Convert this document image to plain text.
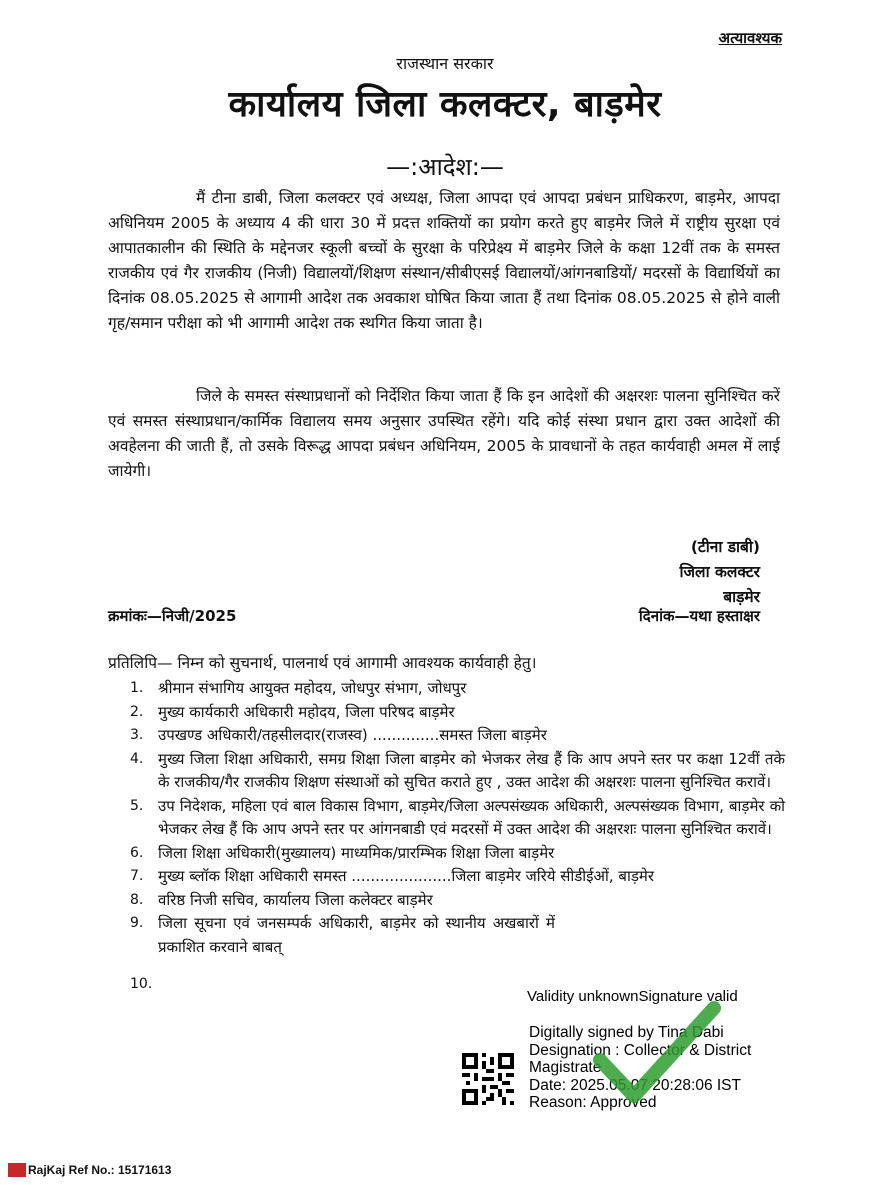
अत्यावश्यक
राजस्थान सरकार
कार्यालय जिला कलक्टर, बाड़मेर
—:आदेश:—
मैं टीना डाबी, जिला कलक्टर एवं अध्यक्ष, जिला आपदा एवं आपदा प्रबंधन प्राधिकरण, बाड़मेर, आपदा अधिनियम 2005 के अध्याय 4 की धारा 30 में प्रदत्त शक्तियों का प्रयोग करते हुए बाड़मेर जिले में राष्ट्रीय सुरक्षा एवं आपातकालीन की स्थिति के मद्देनजर स्कूली बच्चों के सुरक्षा के परिप्रेक्ष्य में बाड़मेर जिले के कक्षा 12वीं तक के समस्त राजकीय एवं गैर राजकीय (निजी) विद्यालयों/शिक्षण संस्थान/सीबीएसई विद्यालयों/आंगनबाडियों/ मदरसों के विद्यार्थियों का दिनांक 08.05.2025 से आगामी आदेश तक अवकाश घोषित किया जाता हैं तथा दिनांक 08.05.2025 से होने वाली गृह/समान परीक्षा को भी आगामी आदेश तक स्थगित किया जाता है।
जिले के समस्त संस्थाप्रधानों को निर्देशित किया जाता हैं कि इन आदेशों की अक्षरशः पालना सुनिश्चित करें एवं समस्त संस्थाप्रधान/कार्मिक विद्यालय समय अनुसार उपस्थित रहेंगे। यदि कोई संस्था प्रधान द्वारा उक्त आदेशों की अवहेलना की जाती हैं, तो उसके विरूद्ध आपदा प्रबंधन अधिनियम, 2005 के प्रावधानों के तहत कार्यवाही अमल में लाई जायेगी।
(टीना डाबी)
जिला कलक्टर
बाड़मेर
क्रमांकः—निजी/2025	दिनांक—यथा हस्ताक्षर
प्रतिलिपि— निम्न को सुचनार्थ, पालनार्थ एवं आगामी आवश्यक कार्यवाही हेतु।
1. श्रीमान संभागिय आयुक्त महोदय, जोधपुर संभाग, जोधपुर
2. मुख्य कार्यकारी अधिकारी महोदय, जिला परिषद बाड़मेर
3. उपखण्ड अधिकारी/तहसीलदार(राजस्व) ..............समस्त जिला बाड़मेर
4. मुख्य जिला शिक्षा अधिकारी, समग्र शिक्षा जिला बाड़मेर को भेजकर लेख हैं कि आप अपने स्तर पर कक्षा 12वीं तके के राजकीय/गैर राजकीय शिक्षण संस्थाओं को सुचित कराते हुए , उक्त आदेश की अक्षरशः पालना सुनिश्चित करावें।
5. उप निदेशक, महिला एवं बाल विकास विभाग, बाड़मेर/जिला अल्पसंख्यक अधिकारी, अल्पसंख्यक विभाग, बाड़मेर को भेजकर लेख हैं कि आप अपने स्तर पर आंगनबाडी एवं मदरसों में उक्त आदेश की अक्षरशः पालना सुनिश्चित करावें।
6. जिला शिक्षा अधिकारी(मुख्यालय) माध्यमिक/प्रारम्भिक शिक्षा जिला बाड़मेर
7. मुख्य ब्लॉक शिक्षा अधिकारी समस्त .....................जिला बाड़मेर जरिये सीडीईओं, बाड़मेर
8. वरिष्ठ निजी सचिव, कार्यालय जिला कलेक्टर बाड़मेर
9. जिला सूचना एवं जनसम्पर्क अधिकारी, बाड़मेर को स्थानीय अखबारों में प्रकाशित करवाने बाबत्
10.
Validity unknownSignature valid
Digitally signed by Tina Dabi
Designation : Collector & District
Magistrate
Date: 2025.05.07 20:28:06 IST
Reason: Approved
RajKaj Ref No.: 15171613
